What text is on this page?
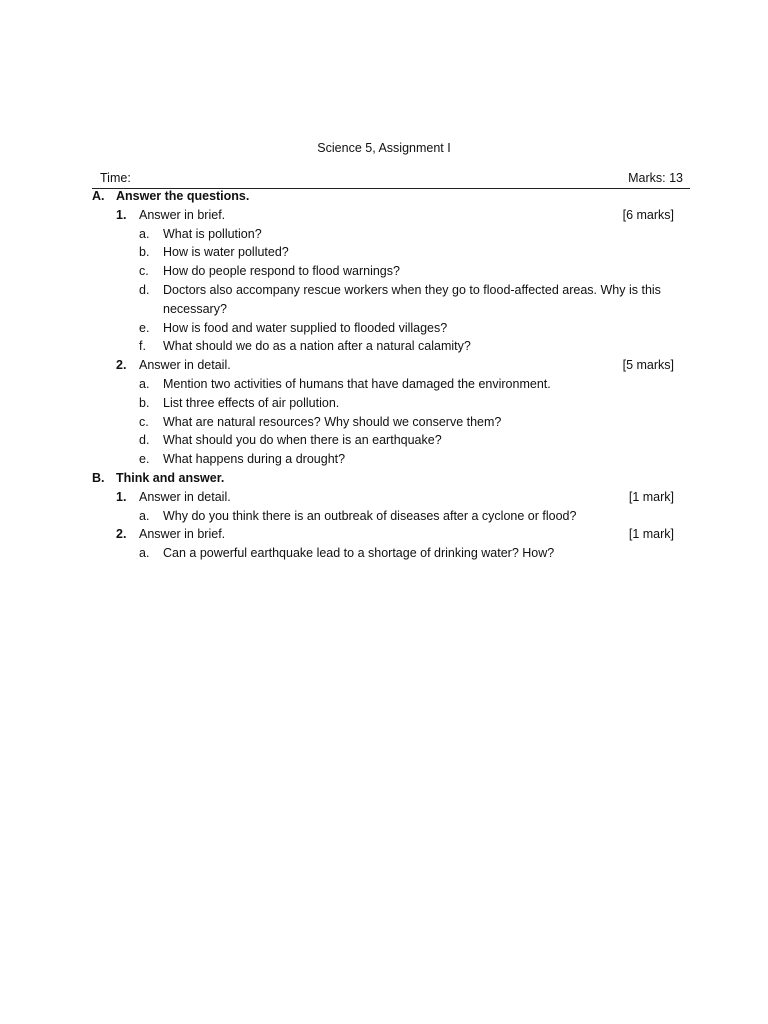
Science 5, Assignment I
Time:	Marks: 13
A. Answer the questions.
1. Answer in brief.	[6 marks]
a. What is pollution?
b. How is water polluted?
c. How do people respond to flood warnings?
d. Doctors also accompany rescue workers when they go to flood-affected areas. Why is this necessary?
e. How is food and water supplied to flooded villages?
f. What should we do as a nation after a natural calamity?
2. Answer in detail.	[5 marks]
a. Mention two activities of humans that have damaged the environment.
b. List three effects of air pollution.
c. What are natural resources? Why should we conserve them?
d. What should you do when there is an earthquake?
e. What happens during a drought?
B. Think and answer.
1. Answer in detail.	[1 mark]
a. Why do you think there is an outbreak of diseases after a cyclone or flood?
2. Answer in brief.	[1 mark]
a. Can a powerful earthquake lead to a shortage of drinking water? How?
